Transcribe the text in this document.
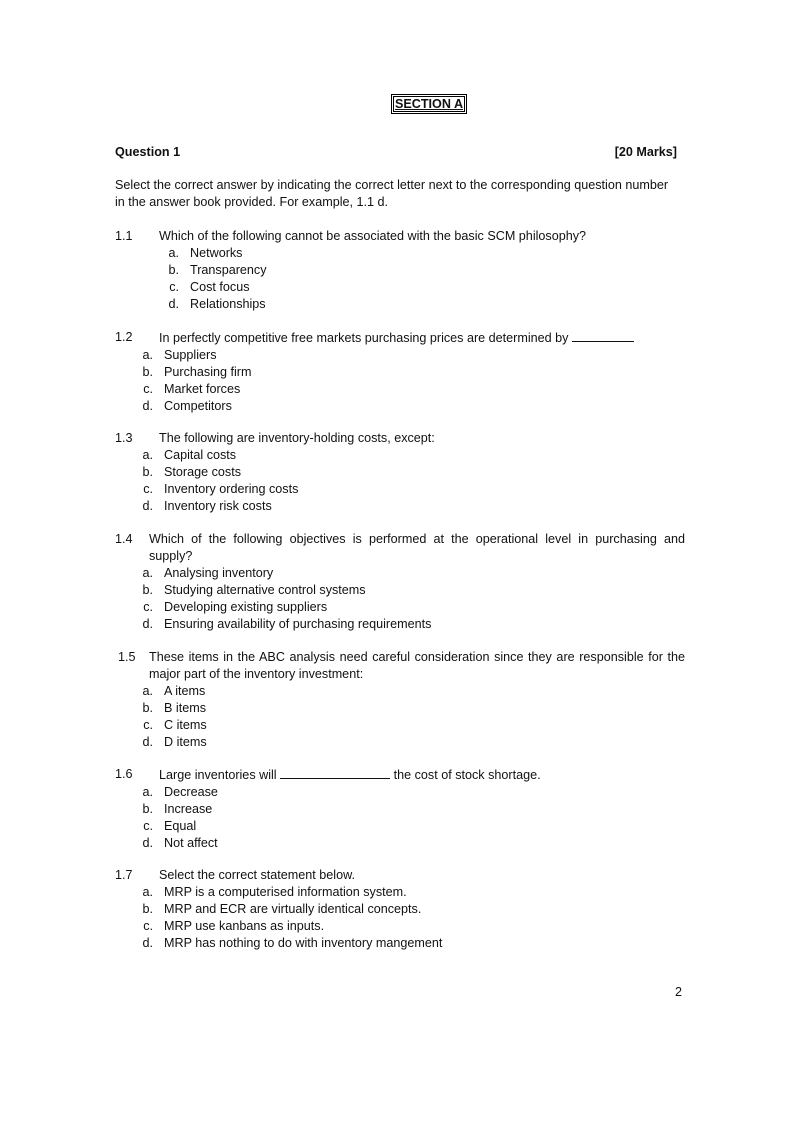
SECTION A
Question 1	[20 Marks]
Select the correct answer by indicating the correct letter next to the corresponding question number
in the answer book provided. For example, 1.1 d.
1.1	Which of the following cannot be associated with the basic SCM philosophy?
a. Networks
b. Transparency
c. Cost focus
d. Relationships
1.2	In perfectly competitive free markets purchasing prices are determined by
a. Suppliers
b. Purchasing firm
c. Market forces
d. Competitors
1.3	The following are inventory-holding costs, except:
a. Capital costs
b. Storage costs
c. Inventory ordering costs
d. Inventory risk costs
1.4	Which of the following objectives is performed at the operational level in purchasing and
supply?
a. Analysing inventory
b. Studying alternative control systems
c. Developing existing suppliers
d. Ensuring availability of purchasing requirements
1.5	These items in the ABC analysis need careful consideration since they are responsible for the
major part of the inventory investment:
a. A items
b. B items
c. C items
d. D items
1.6	Large inventories will	the cost of stock shortage.
a. Decrease
b. Increase
c. Equal
d. Not affect
1.7	Select the correct statement below.
a. MRP is a computerised information system.
b. MRP and ECR are virtually identical concepts.
c. MRP use kanbans as inputs.
d. MRP has nothing to do with inventory mangement
2
